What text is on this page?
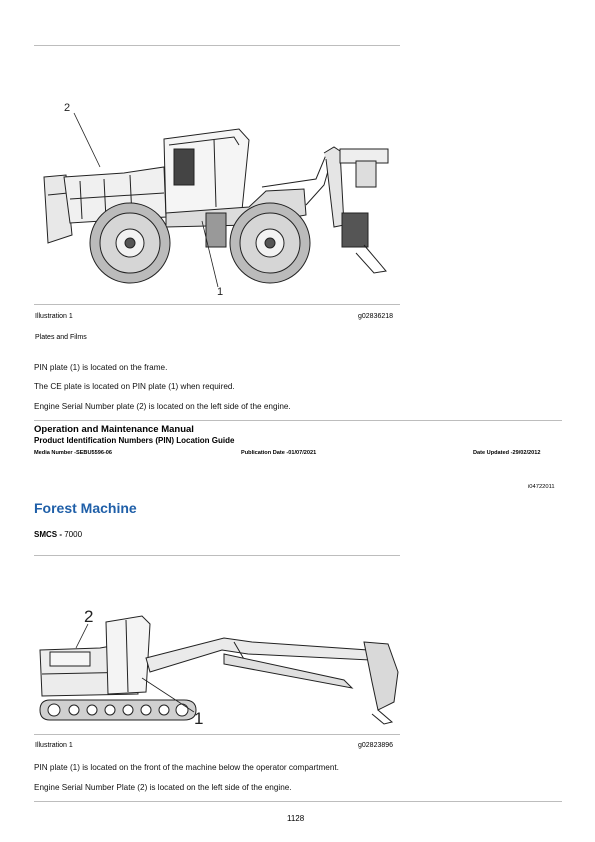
2
1
Illustration 1	g02836218
Plates and Films
PIN plate (1) is located on the frame.
The CE plate is located on PIN plate (1) when required.
Engine Serial Number plate (2) is located on the left side of the engine.
Operation and Maintenance Manual
Product Identification Numbers (PIN) Location Guide
Media Number -SEBU5596-06	Publication Date -01/07/2021	Date Updated -29/02/2012
i04722011
Forest Machine
SMCS - 7000
2
1
Illustration 1	g02823896
PIN plate (1) is located on the front of the machine below the operator compartment.
Engine Serial Number Plate (2) is located on the left side of the engine.
1128
